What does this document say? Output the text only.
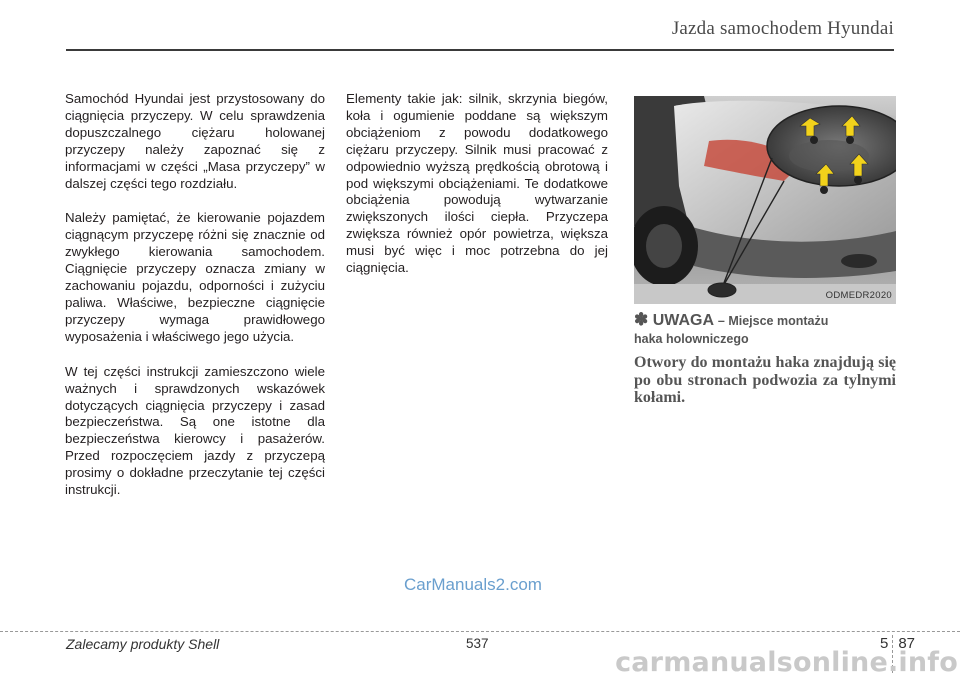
Jazda samochodem Hyundai

Samochód Hyundai jest przystosowany do ciągnięcia przyczepy. W celu sprawdzenia dopuszczalnego ciężaru holowanej przyczepy należy zapoznać się z informacjami w części „Masa przyczepy” w dalszej części tego rozdziału.

Należy pamiętać, że kierowanie pojazdem ciągnącym przyczepę różni się znacznie od zwykłego kierowania samochodem. Ciągnięcie przyczepy oznacza zmiany w zachowaniu pojazdu, odporności i zużyciu paliwa. Właściwe, bezpieczne ciągnięcie przyczepy wymaga prawidłowego wyposażenia i właściwego jego użycia.

W tej części instrukcji zamieszczono wiele ważnych i sprawdzonych wskazówek dotyczących ciągnięcia przyczepy i zasad bezpieczeństwa. Są one istotne dla bezpieczeństwa kierowcy i pasażerów. Przed rozpoczęciem jazdy z przyczepą prosimy o dokładne przeczytanie tej części instrukcji.

Elementy takie jak: silnik, skrzynia biegów, koła i ogumienie poddane są większym obciążeniom z powodu dodatkowego ciężaru przyczepy. Silnik musi pracować z odpowiednio wyższą prędkością obrotową i pod większymi obciążeniami. Te dodatkowe obciążenia powodują wytwarzanie zwiększonych ilości ciepła. Przyczepa zwiększa również opór powietrza, większa musi być więc i moc potrzebna do jej ciągnięcia.

ODMEDR2020
✽ UWAGA – Miejsce montażu
haka holowniczego
Otwory do montażu haka znajdują się po obu stronach podwozia za tylnymi kołami.
CarManuals2.com
Zalecamy produkty Shell	537	5 87
carmanualsonline.info
